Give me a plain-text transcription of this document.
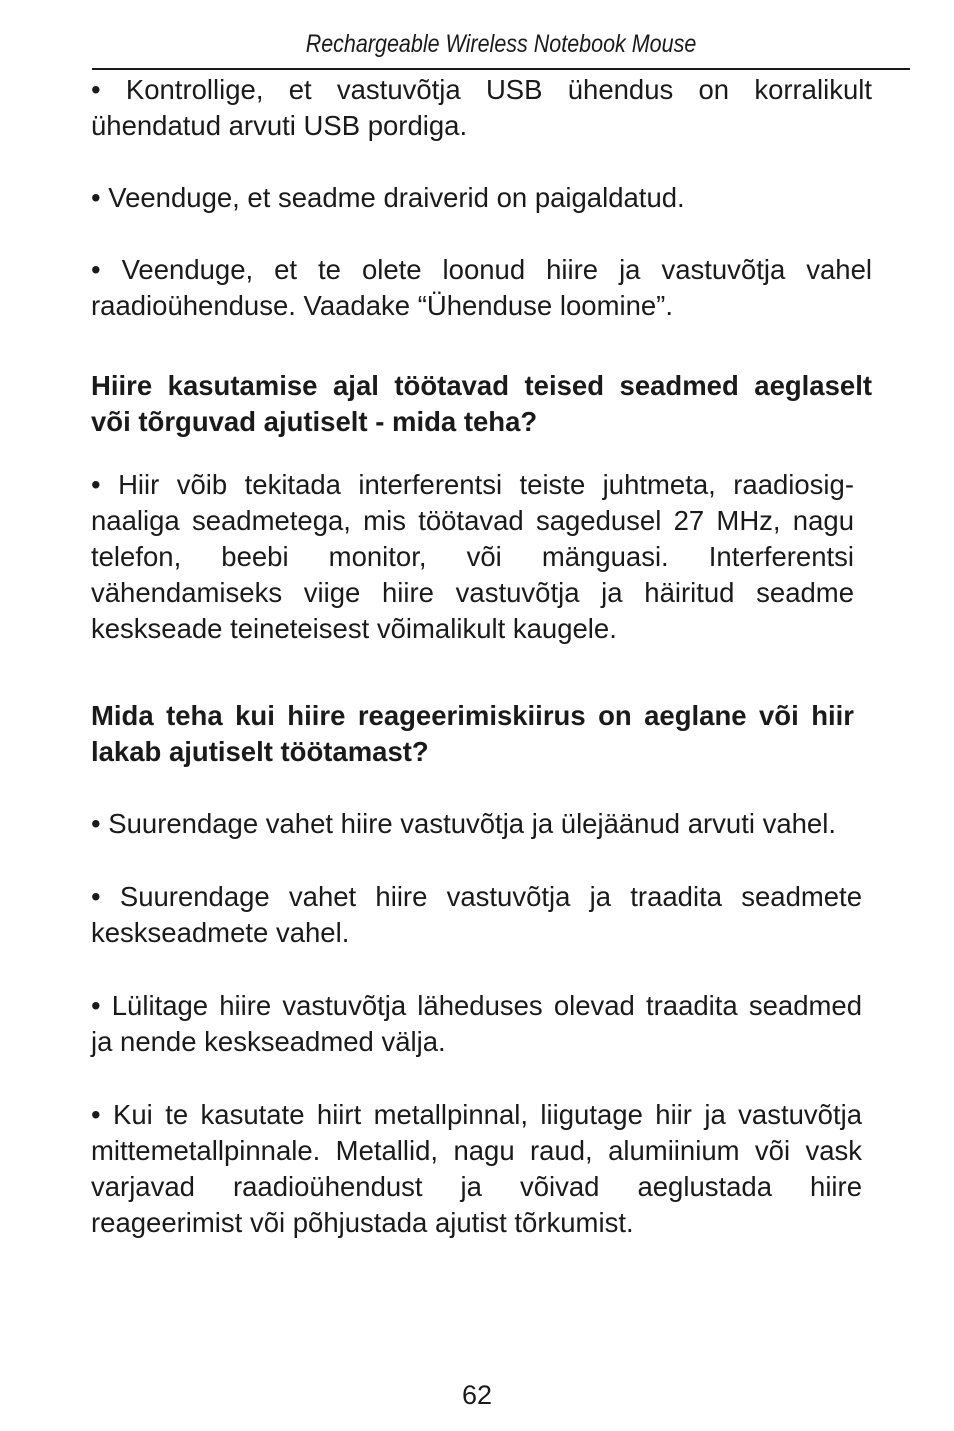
Rechargeable Wireless Notebook Mouse

• Kontrollige, et vastuvõtja USB ühendus on korralikult ühendatud arvuti USB pordiga.

• Veenduge, et seadme draiverid on paigaldatud.

• Veenduge, et te olete loonud hiire ja vastuvõtja vahel raadioühenduse. Vaadake “Ühenduse loomine”.

Hiire kasutamise ajal töötavad teised seadmed aeglaselt või tõrguvad ajutiselt - mida teha?

• Hiir võib tekitada interferentsi teiste juhtmeta, raadiosig-naaliga seadmetega, mis töötavad sagedusel 27 MHz, nagu telefon, beebi monitor, või mänguasi. Interferentsi vähendamiseks viige hiire vastuvõtja ja häiritud seadme keskseade teineteisest võimalikult kaugele.

Mida teha kui hiire reageerimiskiirus on aeglane või hiir lakab ajutiselt töötamast?

• Suurendage vahet hiire vastuvõtja ja ülejäänud arvuti vahel.

• Suurendage vahet hiire vastuvõtja ja traadita seadmete keskseadmete vahel.

• Lülitage hiire vastuvõtja läheduses olevad traadita seadmed ja nende keskseadmed välja.

• Kui te kasutate hiirt metallpinnal, liigutage hiir ja vastuvõtja mittemetallpinnale. Metallid, nagu raud, alumiinium või vask varjavad raadioühendust ja võivad aeglustada hiire reageerimist või põhjustada ajutist tõrkumist.

62
